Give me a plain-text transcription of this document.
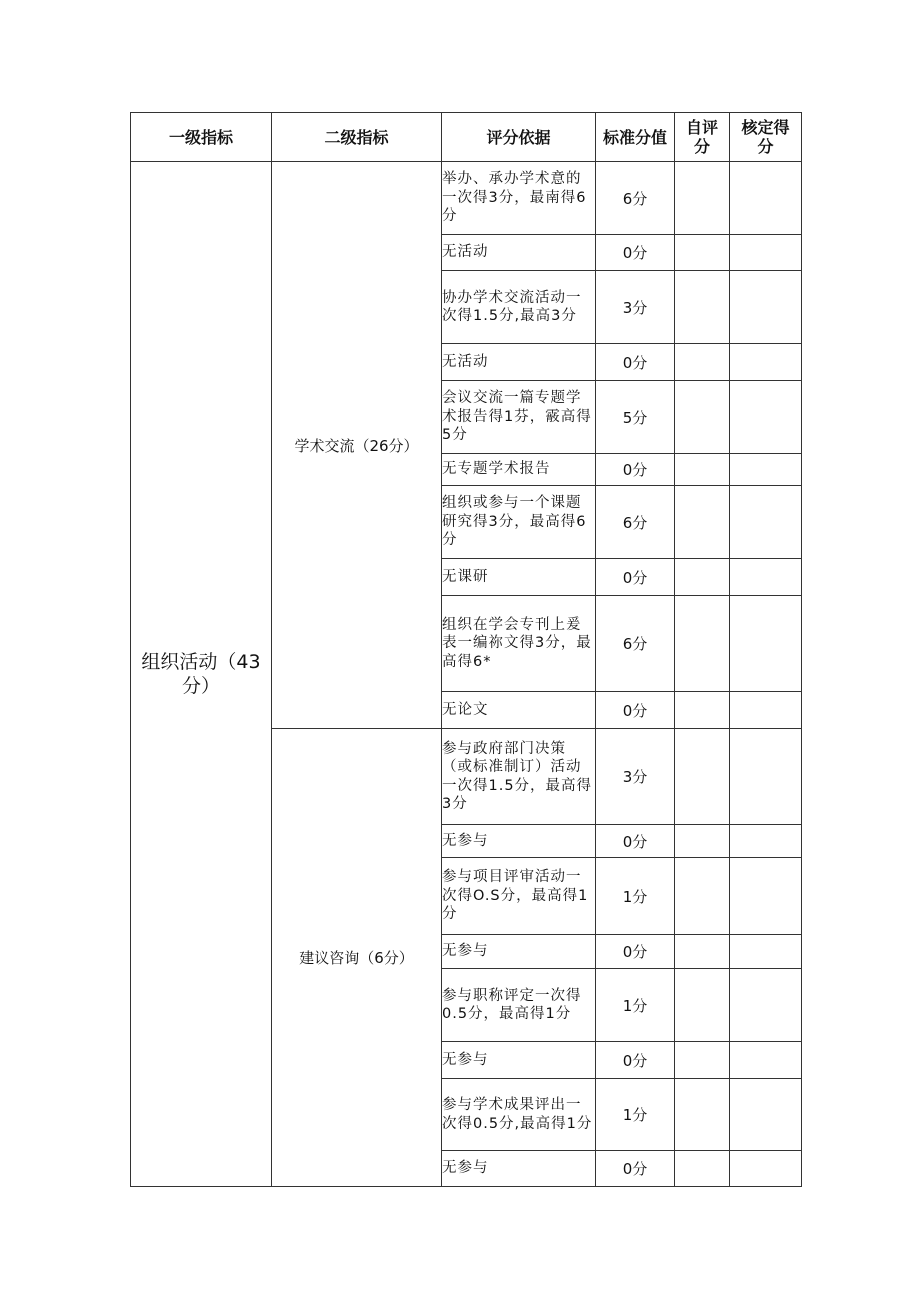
一级指标	二级指标	评分依据	标准分值	自评分	核定得分
组织活动（43分）	学术交流（26分）	举办、承办学术意的一次得3分，最南得6分	6分		
		无活动	0分		
		协办学术交流活动一次得1.5分,最高3分	3分		
		无活动	0分		
		会议交流一篇专题学术报告得1芬，霰高得5分	5分		
		无专题学术报告	0分		
		组织或参与一个课题研究得3分，最高得6分	6分		
		无课研	0分		
		组织在学会专刊上爰表一编祢文得3分，最高得6*	6分		
		无论文	0分		
	建议咨询（6分）	参与政府部门决策（或标准制订）活动一次得1.5分，最高得3分	3分		
		无参与	0分		
		参与项目评审活动一次得O.S分，最高得1分	1分		
		无参与	0分		
		参与职称评定一次得0.5分，最高得1分	1分		
		无参与	0分		
		参与学术成果评出一次得0.5分,最高得1分	1分		
		无参与	0分		
